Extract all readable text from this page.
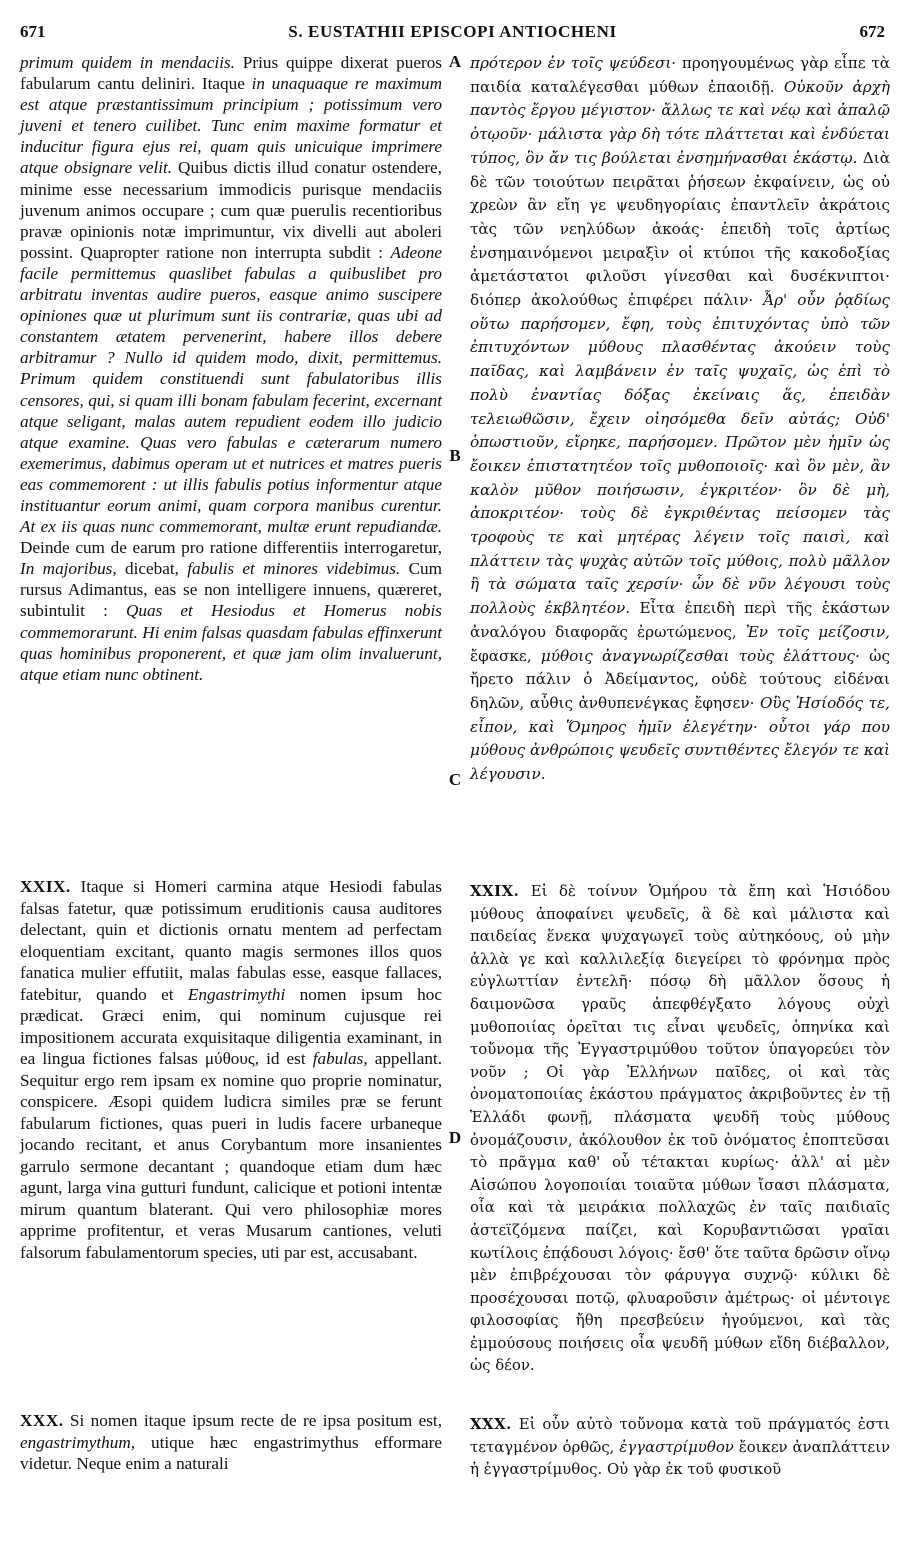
671	S. EUSTATHII EPISCOPI ANTIOCHENI	672
A
B
C
D

primum quidem in mendaciis. Prius quippe dixerat pueros fabularum cantu deliniri. Itaque in unaquaque re maximum est atque præstantissimum principium ; potissimum vero juveni et tenero cuilibet. Tunc enim maxime formatur et inducitur figura ejus rei, quam quis unicuique imprimere atque obsignare velit. Quibus dictis illud conatur ostendere, minime esse necessarium immodicis purisque mendaciis juvenum animos occupare ; cum quæ puerulis recentioribus pravæ opinionis notæ imprimuntur, vix divelli aut aboleri possint. Quapropter ratione non interrupta subdit : Adeone facile permittemus quaslibet fabulas a quibuslibet pro arbitratu inventas audire pueros, easque animo suscipere opiniones quæ ut plurimum sunt iis contrariæ, quas ubi ad constantem ætatem pervenerint, habere illos debere arbitramur ? Nullo id quidem modo, dixit, permittemus. Primum quidem constituendi sunt fabulatoribus illis censores, qui, si quam illi bonam fabulam fecerint, excernant atque seligant, malas autem repudient eodem illo judicio atque examine. Quas vero fabulas e cæterarum numero exemerimus, dabimus operam ut et nutrices et matres pueris eas commemorent : ut illis fabulis potius informentur atque instituantur eorum animi, quam corpora manibus curentur. At ex iis quas nunc commemorant, multæ erunt repudiandæ. Deinde cum de earum pro ratione differentiis interrogaretur, In majoribus, dicebat, fabulis et minores videbimus. Cum rursus Adimantus, eas se non intelligere innuens, quæreret, subintulit : Quas et Hesiodus et Homerus nobis commemorarunt. Hi enim falsas quasdam fabulas effinxerunt quas hominibus proponerent, et quæ jam olim invaluerunt, atque etiam nunc obtinent.

XXIX. Itaque si Homeri carmina atque Hesiodi fabulas falsas fatetur, quæ potissimum eruditionis causa auditores delectant, quin et dictionis ornatu mentem ad perfectam eloquentiam excitant, quanto magis sermones illos quos fanatica mulier effutiit, malas fabulas esse, easque fallaces, fatebitur, quando et Engastrimythi nomen ipsum hoc prædicat. Græci enim, qui nominum cujusque rei impositionem accurata exquisitaque diligentia examinant, in ea lingua fictiones falsas μύθους, id est fabulas, appellant. Sequitur ergo rem ipsam ex nomine quo proprie nominatur, conspicere. Æsopi quidem ludicra similes præ se ferunt fabularum fictiones, quas pueri in ludis facere urbaneque jocando recitant, et anus Corybantum more insanientes garrulo sermone decantant ; quandoque etiam dum hæc agunt, larga vina gutturi fundunt, calicique et potioni intentæ mirum quantum blaterant. Qui vero philosophiæ mores apprime profitentur, et veras Musarum cantiones, veluti falsorum fabulamentorum species, uti par est, accusabant.

XXX. Si nomen itaque ipsum recte de re ipsa positum est, engastrimythum, utique hæc engastrimythus efformare videtur. Neque enim a naturali

πρότερον ἐν τοῖς ψεύδεσι· προηγουμένως γὰρ εἶπε τὰ παιδία καταλέγεσθαι μύθων ἐπαοιδῇ. Οὐκοῦν ἀρχὴ παντὸς ἔργου μέγιστον· ἄλλως τε καὶ νέῳ καὶ ἀπαλῷ ὁτῳοῦν· μάλιστα γὰρ δὴ τότε πλάττεται καὶ ἐνδύεται τύπος, ὃν ἄν τις βούλεται ἐνσημήνασθαι ἑκάστῳ. Διὰ δὲ τῶν τοιούτων πειρᾶται ῥήσεων ἐκφαίνειν, ὡς οὐ χρεὼν ἂν εἴη γε ψευδηγορίαις ἐπαντλεῖν ἀκράτοις τὰς τῶν νεηλύδων ἀκοάς· ἐπειδὴ τοῖς ἀρτίως ἐνσημαινόμενοι μειραξὶν οἱ κτύποι τῆς κακοδοξίας ἀμετάστατοι φιλοῦσι γίνεσθαι καὶ δυσέκνιπτοι· διόπερ ἀκολούθως ἐπιφέρει πάλιν· Ἆρ' οὖν ῥᾳδίως οὕτω παρήσομεν, ἔφη, τοὺς ἐπιτυχόντας ὑπὸ τῶν ἐπιτυχόντων μύθους πλασθέντας ἀκούειν τοὺς παῖδας, καὶ λαμβάνειν ἐν ταῖς ψυχαῖς, ὡς ἐπὶ τὸ πολὺ ἐναντίας δόξας ἐκείναις ἅς, ἐπειδὰν τελειωθῶσιν, ἔχειν οἰησόμεθα δεῖν αὐτάς; Οὐδ' ὁπωστιοῦν, εἴρηκε, παρήσομεν. Πρῶτον μὲν ἡμῖν ὡς ἔοικεν ἐπιστατητέον τοῖς μυθοποιοῖς· καὶ ὃν μὲν, ἂν καλὸν μῦθον ποιήσωσιν, ἐγκριτέον· ὃν δὲ μὴ, ἀποκριτέον· τοὺς δὲ ἐγκριθέντας πείσομεν τὰς τροφοὺς τε καὶ μητέρας λέγειν τοῖς παισὶ, καὶ πλάττειν τὰς ψυχὰς αὐτῶν τοῖς μύθοις, πολὺ μᾶλλον ἢ τὰ σώματα ταῖς χερσίν· ὧν δὲ νῦν λέγουσι τοὺς πολλοὺς ἐκβλητέον. Εἶτα ἐπειδὴ περὶ τῆς ἑκάστων ἀναλόγου διαφορᾶς ἐρωτώμενος, Ἐν τοῖς μείζοσιν, ἔφασκε, μύθοις ἀναγνωρίζεσθαι τοὺς ἐλάττους· ὡς ἤρετο πάλιν ὁ Ἀδείμαντος, οὐδὲ τούτους εἰδέναι δηλῶν, αὖθις ἀνθυπενέγκας ἔφησεν· Οὓς Ἡσίοδός τε, εἶπον, καὶ Ὅμηρος ἡμῖν ἐλεγέτην· οὗτοι γάρ που μύθους ἀνθρώποις ψευδεῖς συντιθέντες ἔλεγόν τε καὶ λέγουσιν.

XXIX. Εἰ δὲ τοίνυν Ὁμήρου τὰ ἔπη καὶ Ἡσιόδου μύθους ἀποφαίνει ψευδεῖς, ἃ δὲ καὶ μάλιστα καὶ παιδείας ἕνεκα ψυχαγωγεῖ τοὺς αὐτηκόους, οὐ μὴν ἀλλὰ γε καὶ καλλιλεξίᾳ διεγείρει τὸ φρόνημα πρὸς εὐγλωττίαν ἐντελῆ· πόσῳ δὴ μᾶλλον ὅσους ἡ δαιμονῶσα γραῦς ἀπεφθέγξατο λόγους οὐχὶ μυθοποιίας ὀρεῖται τις εἶναι ψευδεῖς, ὁπηνίκα καὶ τοὔνομα τῆς Ἐγγαστριμύθου τοῦτον ὑπαγορεύει τὸν νοῦν ; Οἱ γὰρ Ἑλλήνων παῖδες, οἱ καὶ τὰς ὀνοματοποιίας ἑκάστου πράγματος ἀκριβοῦντες ἐν τῇ Ἑλλάδι φωνῇ, πλάσματα ψευδῆ τοὺς μύθους ὀνομάζουσιν, ἀκόλουθον ἐκ τοῦ ὀνόματος ἐποπτεῦσαι τὸ πρᾶγμα καθ' οὗ τέτακται κυρίως· ἀλλ' αἱ μὲν Αἰσώπου λογοποιίαι τοιαῦτα μύθων ἴσασι πλάσματα, οἷα καὶ τὰ μειράκια πολλαχῶς ἐν ταῖς παιδιαῖς ἀστεϊζόμενα παίζει, καὶ Κορυβαντιῶσαι γραῖαι κωτίλοις ἐπᾴδουσι λόγοις· ἔσθ' ὅτε ταῦτα δρῶσιν οἴνῳ μὲν ἐπιβρέχουσαι τὸν φάρυγγα συχνῷ· κύλικι δὲ προσέχουσαι ποτῷ, φλυαροῦσιν ἀμέτρως· οἱ μέντοιγε φιλοσοφίας ἤθη πρεσβεύειν ἡγούμενοι, καὶ τὰς ἐμμούσους ποιήσεις οἷα ψευδῆ μύθων εἴδη διέβαλλον, ὡς δέον.

XXX. Εἰ οὖν αὐτὸ τοὔνομα κατὰ τοῦ πράγματός ἐστι τεταγμένον ὀρθῶς, ἐγγαστρίμυθον ἔοικεν ἀναπλάττειν ἡ ἐγγαστρίμυθος. Οὐ γὰρ ἐκ τοῦ φυσικοῦ
